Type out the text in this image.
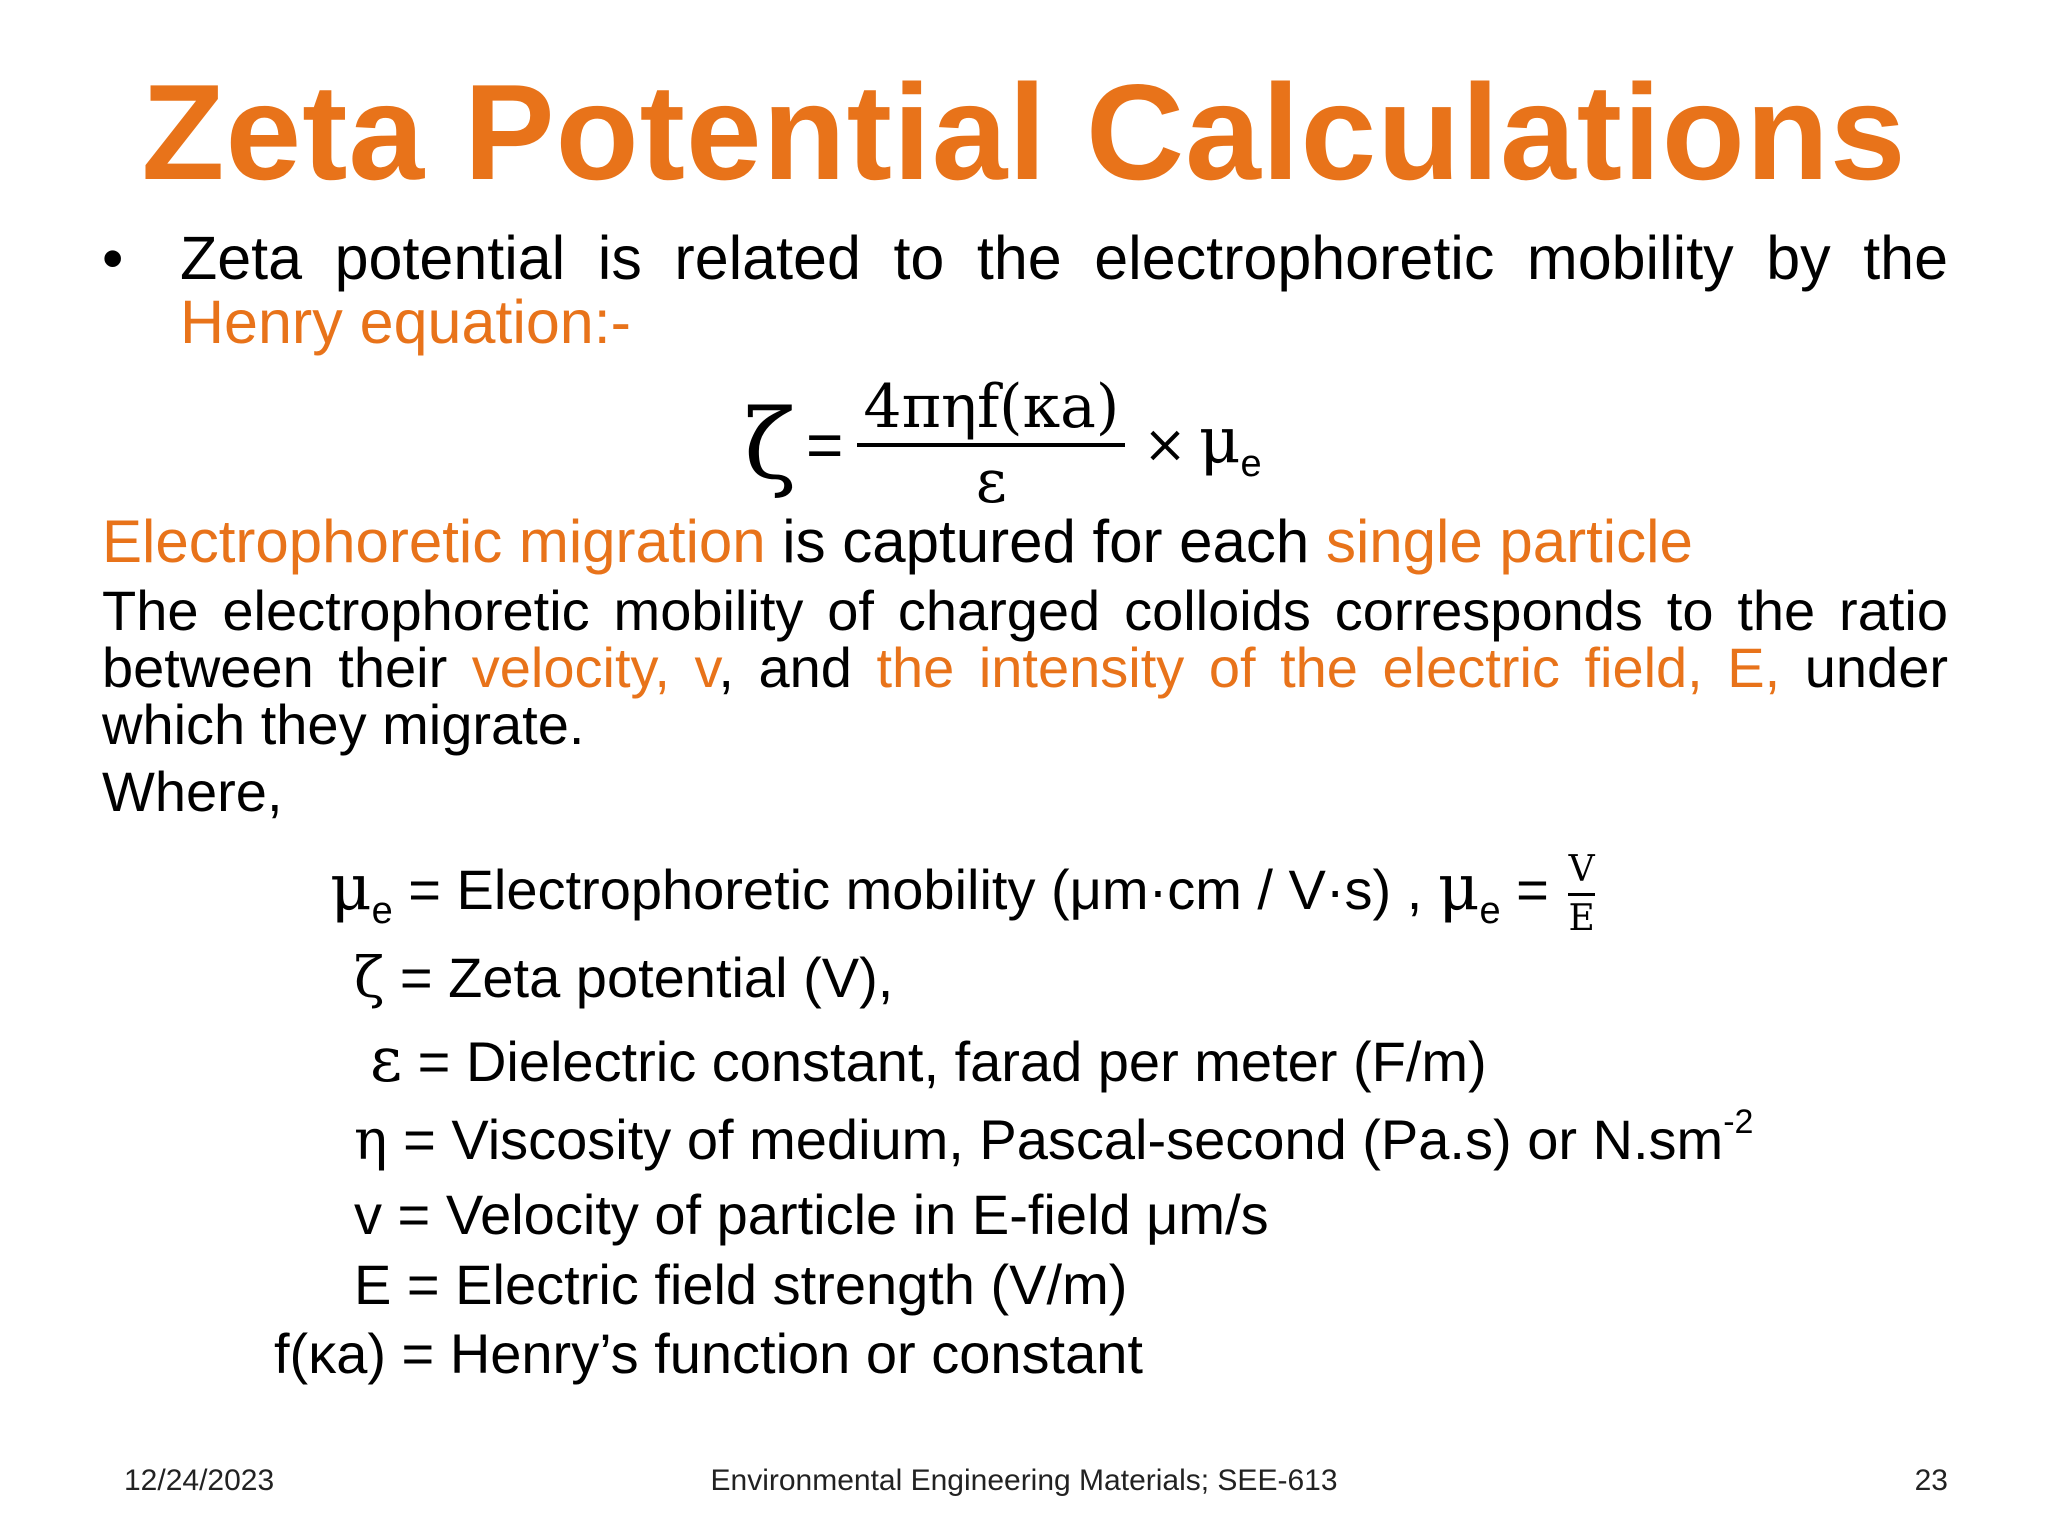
Zeta Potential Calculations
• Zeta potential is related to the electrophoretic mobility by the Henry equation:-
$\zeta = \frac{\text{4πηf(κa)}}{\varepsilon} \times \mu_e$
Electrophoretic migration is captured for each single particle
The electrophoretic mobility of charged colloids corresponds to the ratio between their velocity, v, and the intensity of the electric field, E, under which they migrate.
Where,
$\mu_e$ = Electrophoretic mobility (μm·cm / V·s) , $\mu_e = \frac{V}{E}$
ζ = Zeta potential (V),
ε = Dielectric constant, farad per meter (F/m)
η = Viscosity of medium, Pascal-second (Pa.s) or $N.sm^{-2}$
v = Velocity of particle in E-field μm/s
E = Electric field strength (V/m)
f(κa) = Henry’s function or constant
12/24/2023	Environmental Engineering Materials; SEE-613	23
